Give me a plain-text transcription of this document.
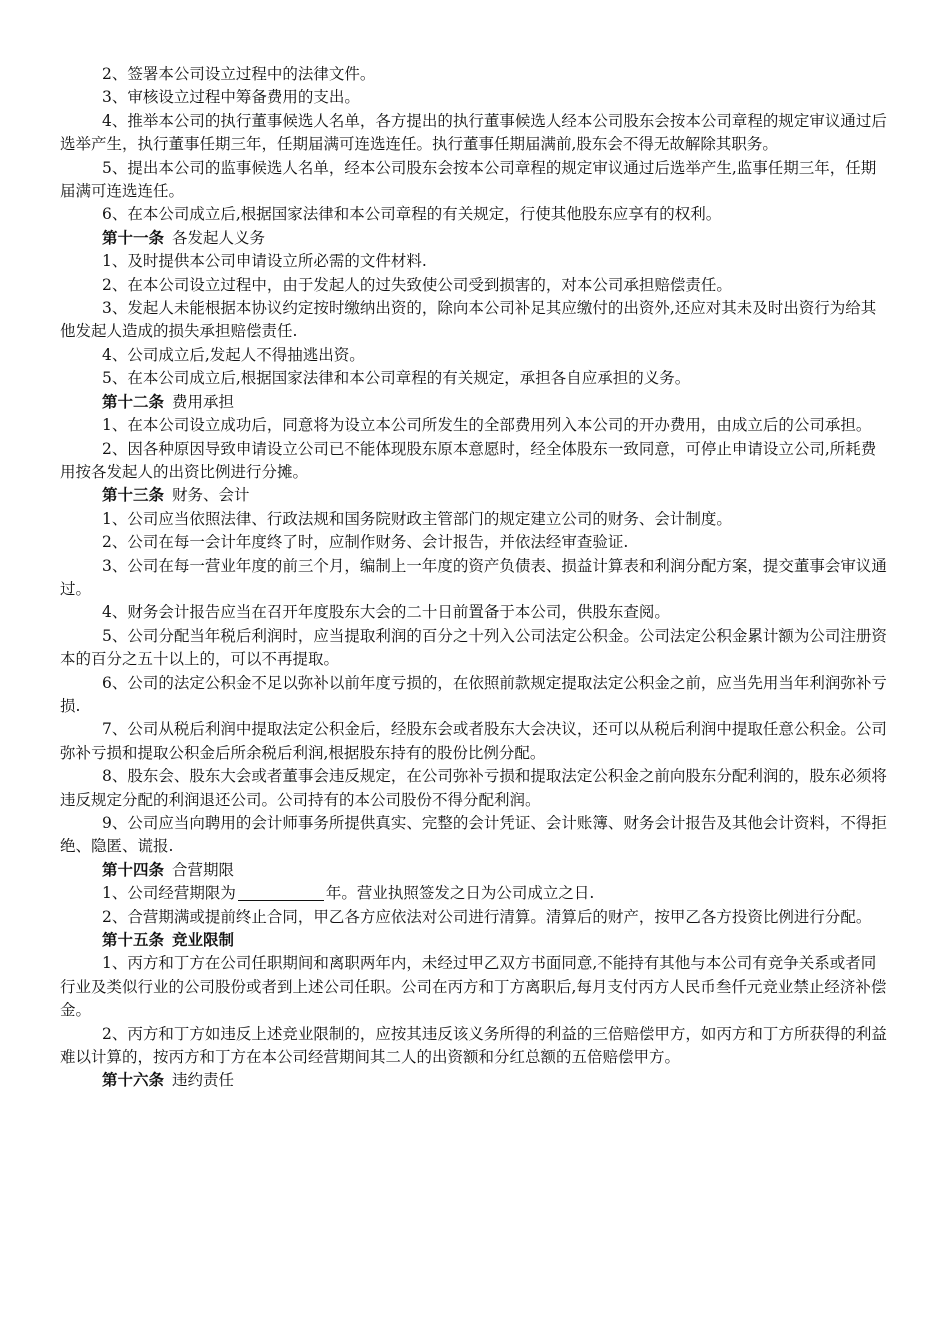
2、签署本公司设立过程中的法律文件。

3、审核设立过程中筹备费用的支出。

4、推举本公司的执行董事候选人名单，各方提出的执行董事候选人经本公司股东会按本公司章程的规定审议通过后选举产生，执行董事任期三年，任期届满可连选连任。执行董事任期届满前,股东会不得无故解除其职务。

5、提出本公司的监事候选人名单，经本公司股东会按本公司章程的规定审议通过后选举产生,监事任期三年，任期届满可连选连任。

6、在本公司成立后,根据国家法律和本公司章程的有关规定，行使其他股东应享有的权利。

第十一条 各发起人义务

1、及时提供本公司申请设立所必需的文件材料.

2、在本公司设立过程中，由于发起人的过失致使公司受到损害的，对本公司承担赔偿责任。

3、发起人未能根据本协议约定按时缴纳出资的，除向本公司补足其应缴付的出资外,还应对其未及时出资行为给其他发起人造成的损失承担赔偿责任.

4、公司成立后,发起人不得抽逃出资。

5、在本公司成立后,根据国家法律和本公司章程的有关规定，承担各自应承担的义务。

第十二条 费用承担

1、在本公司设立成功后，同意将为设立本公司所发生的全部费用列入本公司的开办费用，由成立后的公司承担。

2、因各种原因导致申请设立公司已不能体现股东原本意愿时，经全体股东一致同意，可停止申请设立公司,所耗费用按各发起人的出资比例进行分摊。

第十三条 财务、会计

1、公司应当依照法律、行政法规和国务院财政主管部门的规定建立公司的财务、会计制度。

2、公司在每一会计年度终了时，应制作财务、会计报告，并依法经审查验证.

3、公司在每一营业年度的前三个月，编制上一年度的资产负债表、损益计算表和利润分配方案，提交董事会审议通过。

4、财务会计报告应当在召开年度股东大会的二十日前置备于本公司，供股东查阅。

5、公司分配当年税后利润时，应当提取利润的百分之十列入公司法定公积金。公司法定公积金累计额为公司注册资本的百分之五十以上的，可以不再提取。

6、公司的法定公积金不足以弥补以前年度亏损的，在依照前款规定提取法定公积金之前，应当先用当年利润弥补亏损.

7、公司从税后利润中提取法定公积金后，经股东会或者股东大会决议，还可以从税后利润中提取任意公积金。公司弥补亏损和提取公积金后所余税后利润,根据股东持有的股份比例分配。

8、股东会、股东大会或者董事会违反规定，在公司弥补亏损和提取法定公积金之前向股东分配利润的，股东必须将违反规定分配的利润退还公司。公司持有的本公司股份不得分配利润。

9、公司应当向聘用的会计师事务所提供真实、完整的会计凭证、会计账簿、财务会计报告及其他会计资料，不得拒绝、隐匿、谎报.

第十四条 合营期限

1、公司经营期限为	年。营业执照签发之日为公司成立之日.

2、合营期满或提前终止合同，甲乙各方应依法对公司进行清算。清算后的财产，按甲乙各方投资比例进行分配。

第十五条 竞业限制

1、丙方和丁方在公司任职期间和离职两年内，未经过甲乙双方书面同意,不能持有其他与本公司有竞争关系或者同行业及类似行业的公司股份或者到上述公司任职。公司在丙方和丁方离职后,每月支付丙方人民币叁仟元竞业禁止经济补偿金。

2、丙方和丁方如违反上述竞业限制的，应按其违反该义务所得的利益的三倍赔偿甲方，如丙方和丁方所获得的利益难以计算的，按丙方和丁方在本公司经营期间其二人的出资额和分红总额的五倍赔偿甲方。

第十六条 违约责任
